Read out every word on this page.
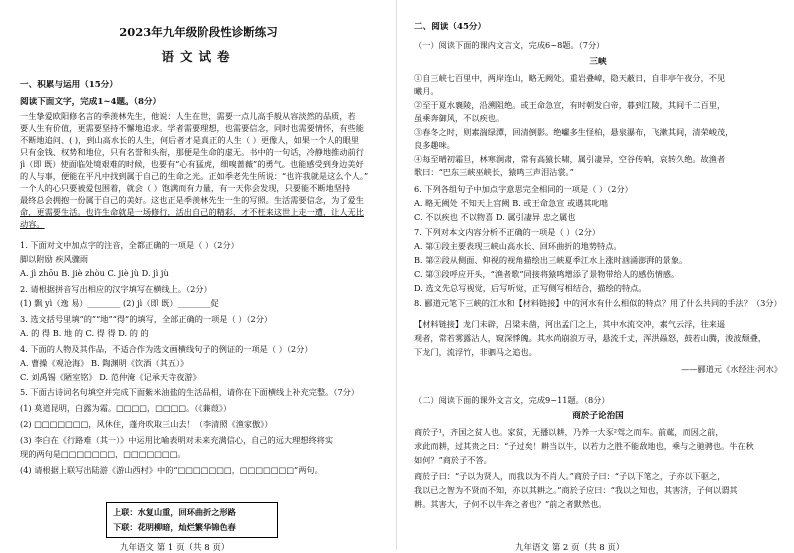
2023年九年级阶段性诊断练习
语文试卷
一、积累与运用（15分）
阅读下面文字，完成1~4题。（8分）
一生挚爱欧阳修名言的季羡林先生，他说：人生在世，需要一点儿高手般从容淡然的品质，若
要人生有价值，更需要坚持不懈地追求。学者需要理想，也需要信念，同时也需要情怀，有些能
不断地追问、( )，到山高水长的人生，何后者才是真正的人生（ ）更像人，如果一个人的眼里
只有金钱、权势和地位，只有名誉和头衔，那便是生命的虚无。书中的一句话，冷静地推动前行
jì（即 既）使面临处境艰难的时候，也要有“心有猛虎，细嗅蔷薇”的勇气。也能感受到身边美好
的人与事，便能在平凡中找到属于自己的生命之光。正如季老先生所说：“也许我就是这么个人。”
一个人的心只要被爱包围着，就会（ ）饱满而有力量，有一天你会发现，只要能不断地坚持
最终总会拥抱一份属于自己的美好。这也正是季羡林先生一生的写照。生活需要信念，为了爱生
命，更需要生活。也许生命就是一场修行，活出自己的精彩，才不枉来这世上走一遭，让人无比
动容。
1. 下面对文中加点字的注音，全都正确的一项是（ ）（2分）
脚以附励 疾风骤雨
A. jì zhōu B. jiè zhòu C. jiè jù D. jì jù
2. 请根据拼音写出相应的汉字填写在横线上。（2分）
(1) 飘 yì（逸 易）________ (2) jì（即 既）________促
3. 选文括号里填“的”“地”“得”的填写，全部正确的一项是（ ）（2分）
A. 的 得 B. 地 的 C. 得 得 D. 的 的
4. 下面的人物及其作品，不适合作为选文画横线句子的例证的一项是（ ）（2分）
A. 曹操《观沧海》 B. 陶渊明《饮酒（其五）》
C. 刘禹锡《陋室铭》 D. 范仲淹《记承天寺夜游》
5. 下面古诗词名句填空并完成下面紫米油盐的生活品相，请你在下面横线上补充完整。（7分）
(1) 莫道昆明，白露为霜。□□□□，□□□□。（《蒹葭》）
(2) □□□□□□□，风休住，蓬舟吹取三山去！（李清照《渔家傲》）
(3) 李白在《行路难（其一）》中运用比喻表明对未来充满信心，自己的远大理想终将实
现的两句是□□□□□□□，□□□□□□□。
(4) 请根据上联写出陆游《游山西村》中的“□□□□□□□，□□□□□□□”两句。
上联：水复山重，回环曲折之形路
下联：花明柳暗，灿烂繁华锦色春
九年语文 第 1 页（共 8 页）
二、阅读（45分）
（一）阅读下面的课内文言文，完成6~8题。（7分）
三峡
①自三峡七百里中，两岸连山，略无阙处。重岩叠嶂，隐天蔽日，自非亭午夜分，不见
曦月。
②至于夏水襄陵，沿溯阻绝。或王命急宣，有时朝发白帝，暮到江陵，其间千二百里，
虽乘奔御风，不以疾也。
③春冬之时，则素湍绿潭，回清倒影。绝巘多生怪柏，悬泉瀑布，飞漱其间，清荣峻茂，
良多趣味。
④每至晴初霜旦，林寒涧肃，常有高猿长啸，属引凄异，空谷传响，哀转久绝。故渔者
歌曰：“巴东三峡巫峡长，猿鸣三声泪沾裳。”
6. 下列各组句子中加点字意思完全相同的一项是（ ）（2分）
A. 略无阙处 不知天上宫阙 B. 或王命急宣 或遇其叱咄
C. 不以疾也 不以物喜 D. 属引凄异 忠之属也
7. 下列对本文内容分析不正确的一项是（ ）（2分）
A. 第①段主要表现三峡山高水长、回环曲折的地势特点。
B. 第②段从侧面、仰视的视角描绘出三峡夏季江水上涨时汹涌澎湃的景象。
C. 第③段呼应开头，“渔者歌”同接将猿鸣增添了景物带给人的感伤情感。
D. 选文先总写视觉，后写听觉，正写侧写相结合，描绘的特点。
8. 郦道元笔下三峡的江水和【材料链接】中的河水有什么相似的特点？用了什么共同的手法？（3分）
【材料链接】龙门未辟，吕梁未凿，河出孟门之上，其中水流交冲，素气云浮，往来遥
观者，常若雾露沾人，窥深悸魄。其水尚崩浪万寻，悬流千丈，浑洪赑怒，鼓若山腾，浚波颓叠，
下龙门，流浮竹，非驷马之追也。
——郦道元《水经注·河水》
（二）阅读下面的课外文言文，完成9~11题。（8分）
商於子论治国
商於子¹，齐国之贫人也。家贫，无播以耕，乃养一大豕²驾之而车。前蓏，而因之前，
求此而耕，过其贵之曰：“子过矣！耕当以牛，以若力之胜不能敌地也，乘与之驰骋也。牛在秋
如何？”商於子不答。
商於子曰：“子以为贤人，而我以为不肖人。”商於子曰：“子以下笔之，子亦以下驱之，
我以已之智为不贤而不知，亦以其耕之。”商於子应曰：“我以之知也，其害济，子何以谓其
耕。其害大，子何不以牛奔之者也？”前之者默然也。
九年语文 第 2 页（共 8 页）
